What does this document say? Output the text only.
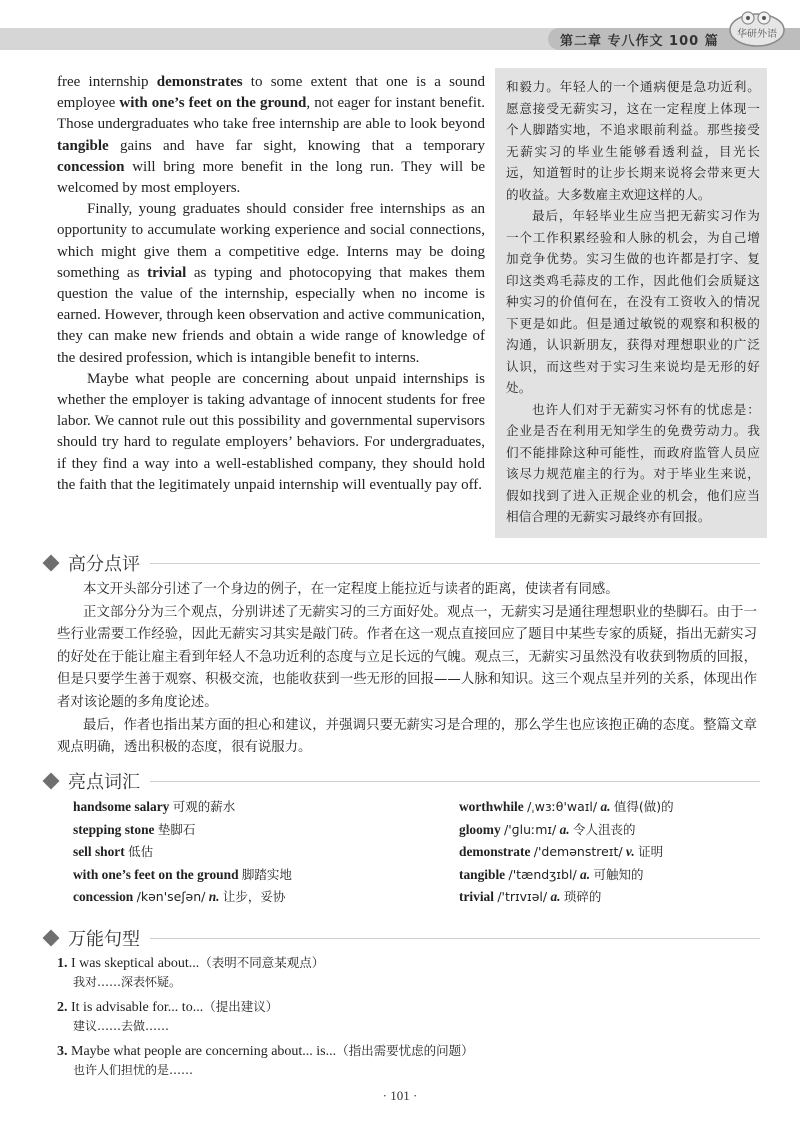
第二章 专八作文 100 篇 华研外语

free internship demonstrates to some extent that one is a sound employee with one’s feet on the ground, not eager for instant benefit. Those undergraduates who take free internship are able to look beyond tangible gains and have far sight, knowing that a temporary concession will bring more benefit in the long run. They will be welcomed by most employers.

Finally, young graduates should consider free internships as an opportunity to accumulate working experience and social connections, which might give them a competitive edge. Interns may be doing something as trivial as typing and photocopying that makes them question the value of the internship, especially when no income is earned. However, through keen observation and active communication, they can make new friends and obtain a wide range of knowledge of the desired profession, which is intangible benefit to interns.

Maybe what people are concerning about unpaid internships is whether the employer is taking advantage of innocent students for free labor. We cannot rule out this possibility and governmental supervisors should try hard to regulate employers’ behaviors. For undergraduates, if they find a way into a well-established company, they should hold the faith that the legitimately unpaid internship will eventually pay off.

和毅力。年轻人的一个通病便是急功近利。愿意接受无薪实习，这在一定程度上体现一个人脚踏实地，不追求眼前利益。那些接受无薪实习的毕业生能够看透利益，目光长远，知道暂时的让步长期来说将会带来更大的收益。大多数雇主欢迎这样的人。

最后，年轻毕业生应当把无薪实习作为一个工作积累经验和人脉的机会，为自己增加竞争优势。实习生做的也许都是打字、复印这类鸡毛蒜皮的工作，因此他们会质疑这种实习的价值何在，在没有工资收入的情况下更是如此。但是通过敏锐的观察和积极的沟通，认识新朋友，获得对理想职业的广泛认识，而这些对于实习生来说均是无形的好处。

也许人们对于无薪实习怀有的忧虑是：企业是否在利用无知学生的免费劳动力。我们不能排除这种可能性，而政府监管人员应该尽力规范雇主的行为。对于毕业生来说，假如找到了进入正规企业的机会，他们应当相信合理的无薪实习最终亦有回报。

高分点评

本文开头部分引述了一个身边的例子，在一定程度上能拉近与读者的距离，使读者有同感。

正文部分分为三个观点，分别讲述了无薪实习的三方面好处。观点一，无薪实习是通往理想职业的垫脚石。由于一些行业需要工作经验，因此无薪实习其实是敲门砖。作者在这一观点直接回应了题目中某些专家的质疑，指出无薪实习的好处在于能让雇主看到年轻人不急功近利的态度与立足长远的气魄。观点三，无薪实习虽然没有收获到物质的回报，但是只要学生善于观察、积极交流，也能收获到一些无形的回报——人脉和知识。这三个观点呈并列的关系，体现出作者对该论题的多角度论述。

最后，作者也指出某方面的担心和建议，并强调只要无薪实习是合理的，那么学生也应该抱正确的态度。整篇文章观点明确，透出积极的态度，很有说服力。

亮点词汇
handsome salary 可观的薪水
stepping stone 垫脚石
sell short 低估
with one’s feet on the ground 脚踏实地
concession /kən'seʃən/ n. 让步，妥协
worthwhile /ˌwɜːθ'waɪl/ a. 值得(做)的
gloomy /'ɡluːmɪ/ a. 令人沮丧的
demonstrate /'demənstreɪt/ v. 证明
tangible /'tændʒɪbl/ a. 可触知的
trivial /'trɪvɪəl/ a. 琐碎的
万能句型
1. I was skeptical about...（表明不同意某观点）
我对……深表怀疑。
2. It is advisable for... to...（提出建议）
建议……去做……
3. Maybe what people are concerning about... is...（指出需要忧虑的问题）
也许人们担忧的是……
· 101 ·
